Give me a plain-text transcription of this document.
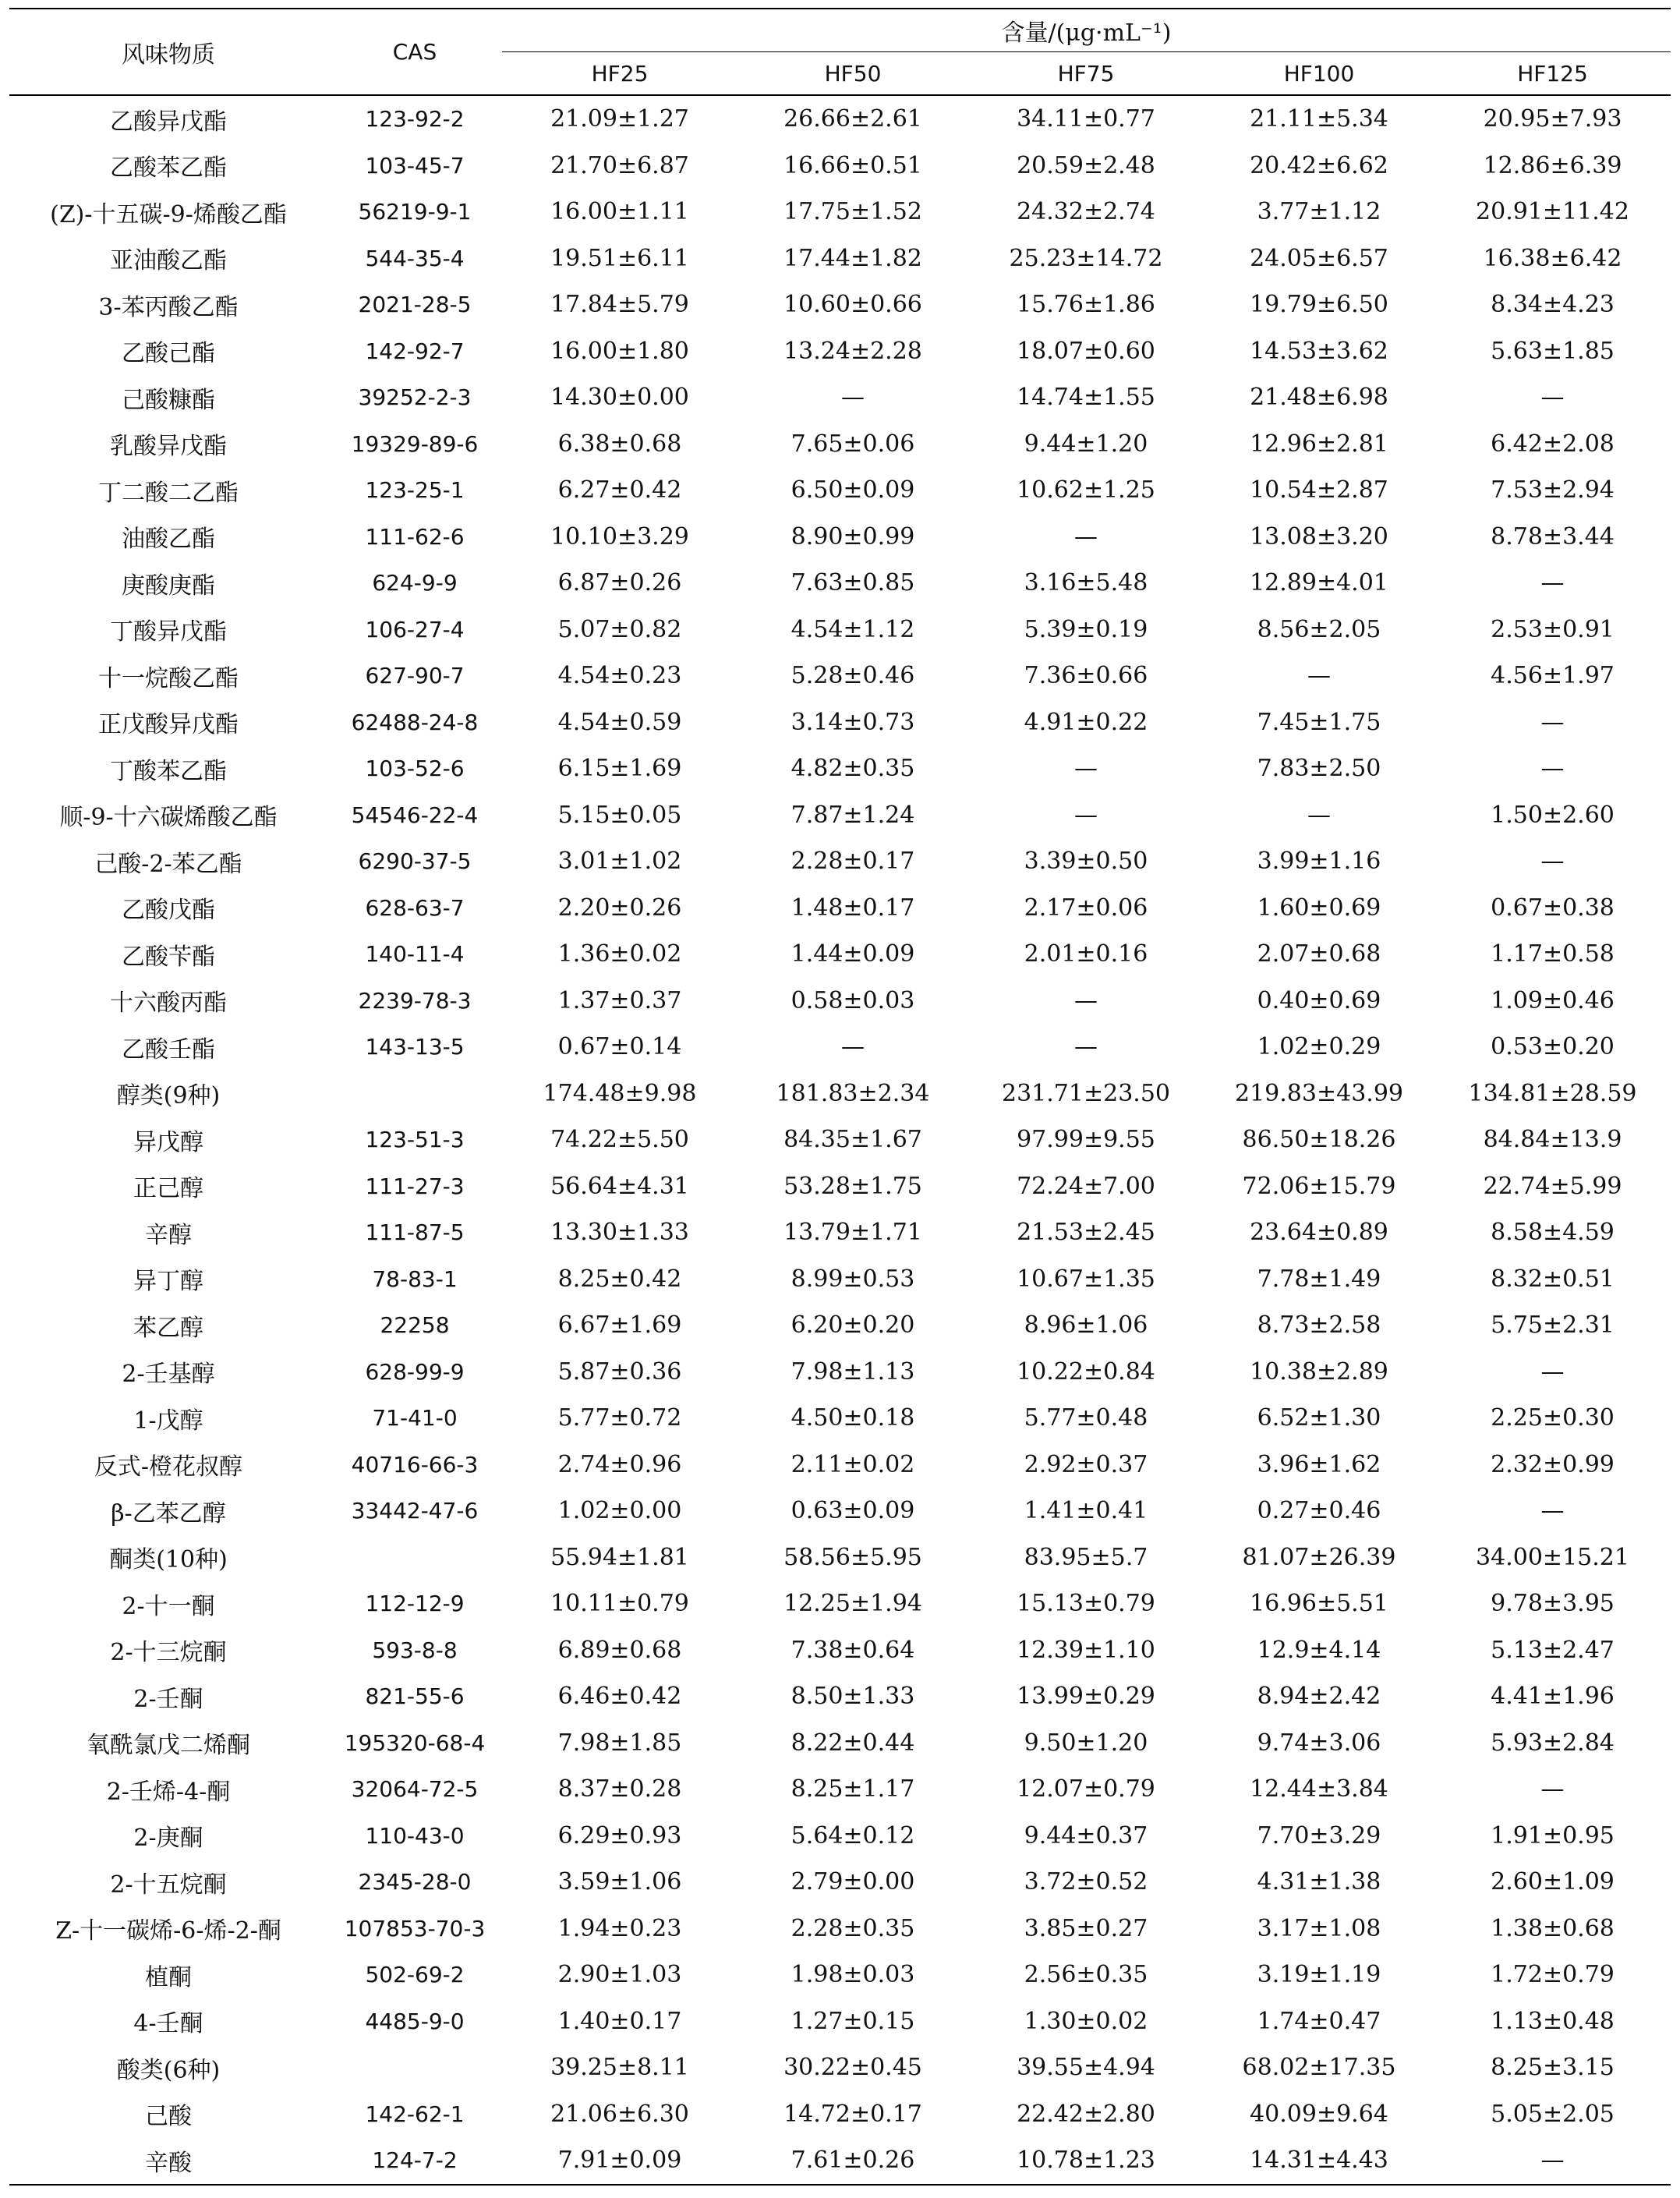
风味物质	CAS	含量/(μg·mL⁻¹)				
		HF25	HF50	HF75	HF100	HF125
乙酸异戊酯	123-92-2	21.09±1.27	26.66±2.61	34.11±0.77	21.11±5.34	20.95±7.93
乙酸苯乙酯	103-45-7	21.70±6.87	16.66±0.51	20.59±2.48	20.42±6.62	12.86±6.39
(Z)-十五碳-9-烯酸乙酯	56219-9-1	16.00±1.11	17.75±1.52	24.32±2.74	3.77±1.12	20.91±11.42
亚油酸乙酯	544-35-4	19.51±6.11	17.44±1.82	25.23±14.72	24.05±6.57	16.38±6.42
3-苯丙酸乙酯	2021-28-5	17.84±5.79	10.60±0.66	15.76±1.86	19.79±6.50	8.34±4.23
乙酸己酯	142-92-7	16.00±1.80	13.24±2.28	18.07±0.60	14.53±3.62	5.63±1.85
己酸糠酯	39252-2-3	14.30±0.00	—	14.74±1.55	21.48±6.98	—
乳酸异戊酯	19329-89-6	6.38±0.68	7.65±0.06	9.44±1.20	12.96±2.81	6.42±2.08
丁二酸二乙酯	123-25-1	6.27±0.42	6.50±0.09	10.62±1.25	10.54±2.87	7.53±2.94
油酸乙酯	111-62-6	10.10±3.29	8.90±0.99	—	13.08±3.20	8.78±3.44
庚酸庚酯	624-9-9	6.87±0.26	7.63±0.85	3.16±5.48	12.89±4.01	—
丁酸异戊酯	106-27-4	5.07±0.82	4.54±1.12	5.39±0.19	8.56±2.05	2.53±0.91
十一烷酸乙酯	627-90-7	4.54±0.23	5.28±0.46	7.36±0.66	—	4.56±1.97
正戊酸异戊酯	62488-24-8	4.54±0.59	3.14±0.73	4.91±0.22	7.45±1.75	—
丁酸苯乙酯	103-52-6	6.15±1.69	4.82±0.35	—	7.83±2.50	—
顺-9-十六碳烯酸乙酯	54546-22-4	5.15±0.05	7.87±1.24	—	—	1.50±2.60
己酸-2-苯乙酯	6290-37-5	3.01±1.02	2.28±0.17	3.39±0.50	3.99±1.16	—
乙酸戊酯	628-63-7	2.20±0.26	1.48±0.17	2.17±0.06	1.60±0.69	0.67±0.38
乙酸苄酯	140-11-4	1.36±0.02	1.44±0.09	2.01±0.16	2.07±0.68	1.17±0.58
十六酸丙酯	2239-78-3	1.37±0.37	0.58±0.03	—	0.40±0.69	1.09±0.46
乙酸壬酯	143-13-5	0.67±0.14	—	—	1.02±0.29	0.53±0.20
醇类(9种)		174.48±9.98	181.83±2.34	231.71±23.50	219.83±43.99	134.81±28.59
异戊醇	123-51-3	74.22±5.50	84.35±1.67	97.99±9.55	86.50±18.26	84.84±13.9
正己醇	111-27-3	56.64±4.31	53.28±1.75	72.24±7.00	72.06±15.79	22.74±5.99
辛醇	111-87-5	13.30±1.33	13.79±1.71	21.53±2.45	23.64±0.89	8.58±4.59
异丁醇	78-83-1	8.25±0.42	8.99±0.53	10.67±1.35	7.78±1.49	8.32±0.51
苯乙醇	22258	6.67±1.69	6.20±0.20	8.96±1.06	8.73±2.58	5.75±2.31
2-壬基醇	628-99-9	5.87±0.36	7.98±1.13	10.22±0.84	10.38±2.89	—
1-戊醇	71-41-0	5.77±0.72	4.50±0.18	5.77±0.48	6.52±1.30	2.25±0.30
反式-橙花叔醇	40716-66-3	2.74±0.96	2.11±0.02	2.92±0.37	3.96±1.62	2.32±0.99
β-乙苯乙醇	33442-47-6	1.02±0.00	0.63±0.09	1.41±0.41	0.27±0.46	—
酮类(10种)		55.94±1.81	58.56±5.95	83.95±5.7	81.07±26.39	34.00±15.21
2-十一酮	112-12-9	10.11±0.79	12.25±1.94	15.13±0.79	16.96±5.51	9.78±3.95
2-十三烷酮	593-8-8	6.89±0.68	7.38±0.64	12.39±1.10	12.9±4.14	5.13±2.47
2-壬酮	821-55-6	6.46±0.42	8.50±1.33	13.99±0.29	8.94±2.42	4.41±1.96
氧酰氯戊二烯酮	195320-68-4	7.98±1.85	8.22±0.44	9.50±1.20	9.74±3.06	5.93±2.84
2-壬烯-4-酮	32064-72-5	8.37±0.28	8.25±1.17	12.07±0.79	12.44±3.84	—
2-庚酮	110-43-0	6.29±0.93	5.64±0.12	9.44±0.37	7.70±3.29	1.91±0.95
2-十五烷酮	2345-28-0	3.59±1.06	2.79±0.00	3.72±0.52	4.31±1.38	2.60±1.09
Z-十一碳烯-6-烯-2-酮	107853-70-3	1.94±0.23	2.28±0.35	3.85±0.27	3.17±1.08	1.38±0.68
植酮	502-69-2	2.90±1.03	1.98±0.03	2.56±0.35	3.19±1.19	1.72±0.79
4-壬酮	4485-9-0	1.40±0.17	1.27±0.15	1.30±0.02	1.74±0.47	1.13±0.48
酸类(6种)		39.25±8.11	30.22±0.45	39.55±4.94	68.02±17.35	8.25±3.15
己酸	142-62-1	21.06±6.30	14.72±0.17	22.42±2.80	40.09±9.64	5.05±2.05
辛酸	124-7-2	7.91±0.09	7.61±0.26	10.78±1.23	14.31±4.43	—
